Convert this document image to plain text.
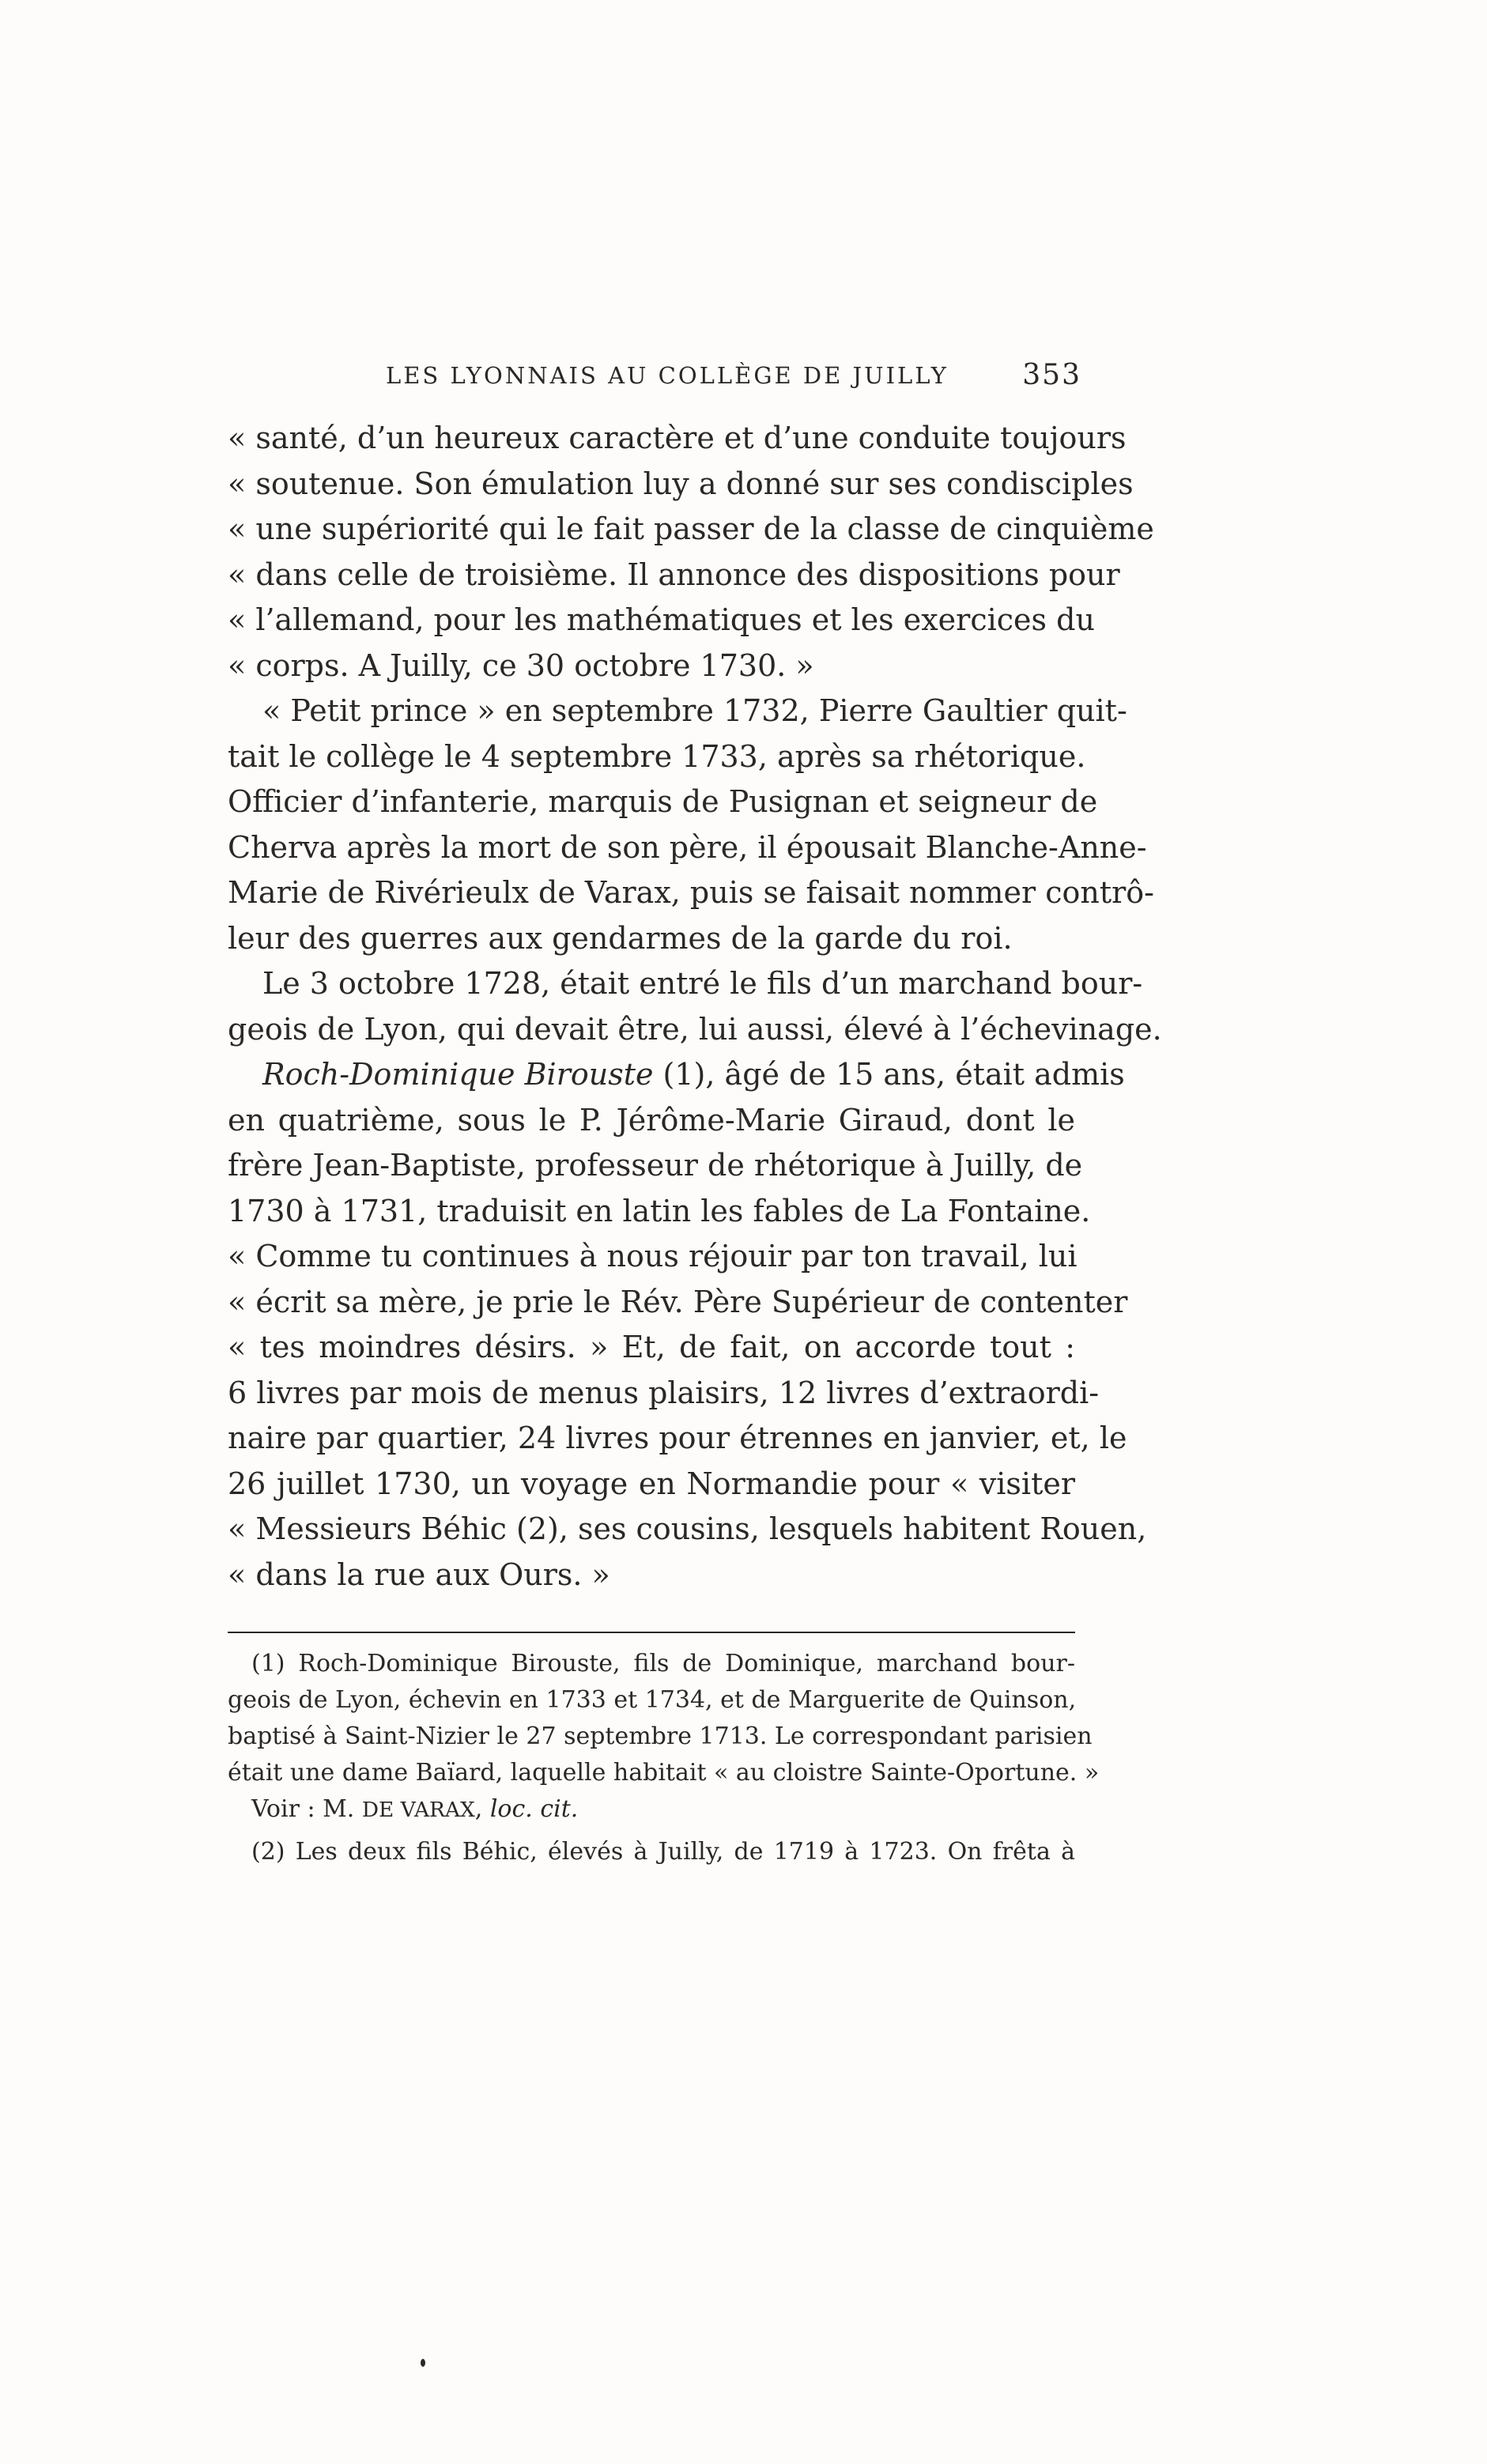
LES LYONNAIS AU COLLÈGE DE JUILLY	353
« santé, d’un heureux caractère et d’une conduite toujours
« soutenue. Son émulation luy a donné sur ses condisciples
« une supériorité qui le fait passer de la classe de cinquième
« dans celle de troisième. Il annonce des dispositions pour
« l’allemand, pour les mathématiques et les exercices du
« corps. A Juilly, ce 30 octobre 1730. »
« Petit prince » en septembre 1732, Pierre Gaultier quit-
tait le collège le 4 septembre 1733, après sa rhétorique.
Officier d’infanterie, marquis de Pusignan et seigneur de
Cherva après la mort de son père, il épousait Blanche-Anne-
Marie de Rivérieulx de Varax, puis se faisait nommer contrô-
leur des guerres aux gendarmes de la garde du roi.
Le 3 octobre 1728, était entré le fils d’un marchand bour-
geois de Lyon, qui devait être, lui aussi, élevé à l’échevinage.
Roch-Dominique Birouste (1), âgé de 15 ans, était admis
en quatrième, sous le P. Jérôme-Marie Giraud, dont le
frère Jean-Baptiste, professeur de rhétorique à Juilly, de
1730 à 1731, traduisit en latin les fables de La Fontaine.
« Comme tu continues à nous réjouir par ton travail, lui
« écrit sa mère, je prie le Rév. Père Supérieur de contenter
« tes moindres désirs. » Et, de fait, on accorde tout :
6 livres par mois de menus plaisirs, 12 livres d’extraordi-
naire par quartier, 24 livres pour étrennes en janvier, et, le
26 juillet 1730, un voyage en Normandie pour « visiter
« Messieurs Béhic (2), ses cousins, lesquels habitent Rouen,
« dans la rue aux Ours. »
(1) Roch-Dominique Birouste, fils de Dominique, marchand bour-
geois de Lyon, échevin en 1733 et 1734, et de Marguerite de Quinson,
baptisé à Saint-Nizier le 27 septembre 1713. Le correspondant parisien
était une dame Baïard, laquelle habitait « au cloistre Sainte-Oportune. »
Voir : M. DE VARAX, loc. cit.
(2) Les deux fils Béhic, élevés à Juilly, de 1719 à 1723. On frêta à
